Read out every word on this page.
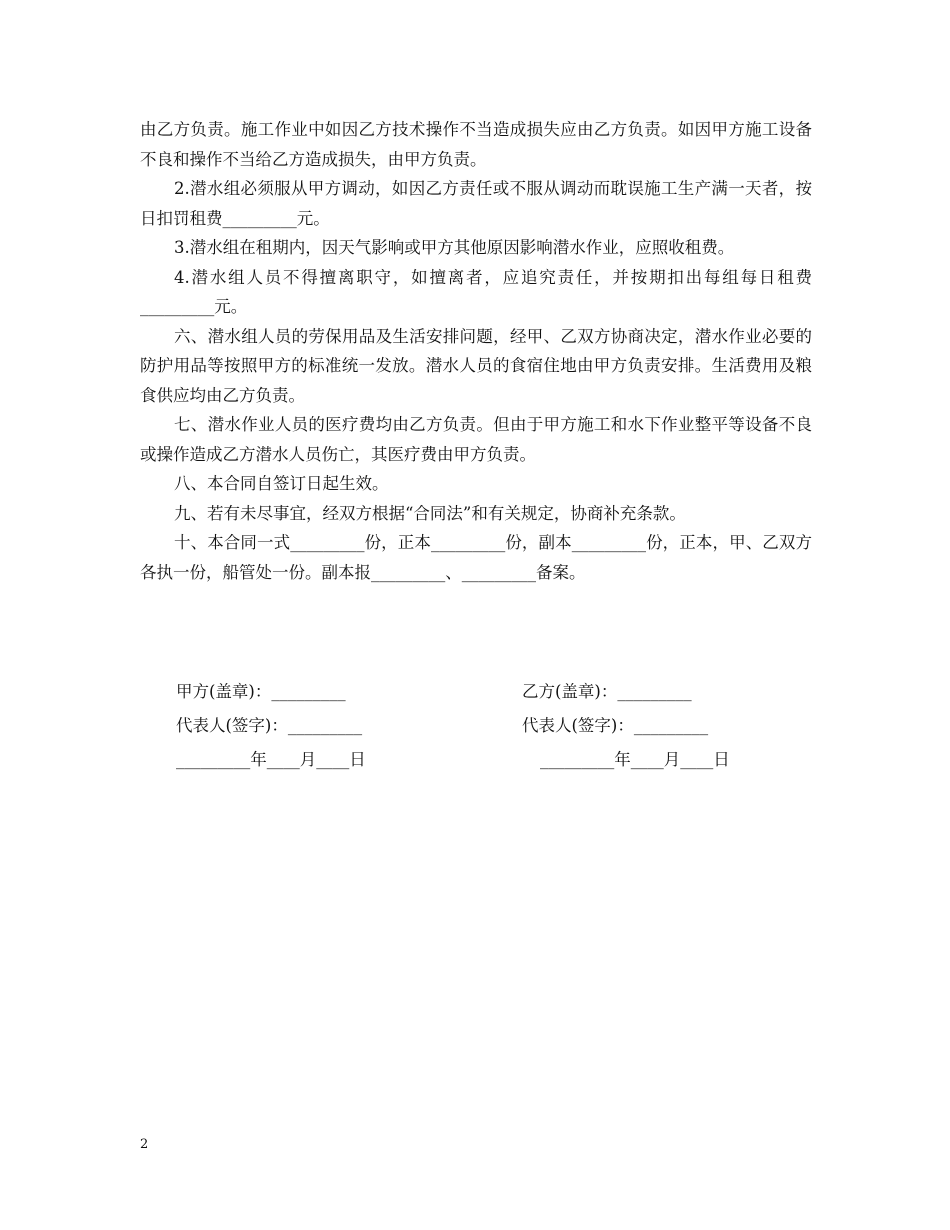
由乙方负责。施工作业中如因乙方技术操作不当造成损失应由乙方负责。如因甲方施工设备不良和操作不当给乙方造成损失，由甲方负责。

2.潜水组必须服从甲方调动，如因乙方责任或不服从调动而耽误施工生产满一天者，按日扣罚租费_________元。

3.潜水组在租期内，因天气影响或甲方其他原因影响潜水作业，应照收租费。

4.潜水组人员不得擅离职守，如擅离者，应追究责任，并按期扣出每组每日租费_________元。

六、潜水组人员的劳保用品及生活安排问题，经甲、乙双方协商决定，潜水作业必要的防护用品等按照甲方的标准统一发放。潜水人员的食宿住地由甲方负责安排。生活费用及粮食供应均由乙方负责。

七、潜水作业人员的医疗费均由乙方负责。但由于甲方施工和水下作业整平等设备不良或操作造成乙方潜水人员伤亡，其医疗费由甲方负责。

八、本合同自签订日起生效。

九、若有未尽事宜，经双方根据“合同法”和有关规定，协商补充条款。

十、本合同一式_________份，正本_________份，副本_________份，正本，甲、乙双方各执一份，船管处一份。副本报_________、_________备案。

甲方(盖章)：_________	乙方(盖章)：_________
代表人(签字)：_________	代表人(签字)：_________
_________年____月____日	_________年____月____日
2
